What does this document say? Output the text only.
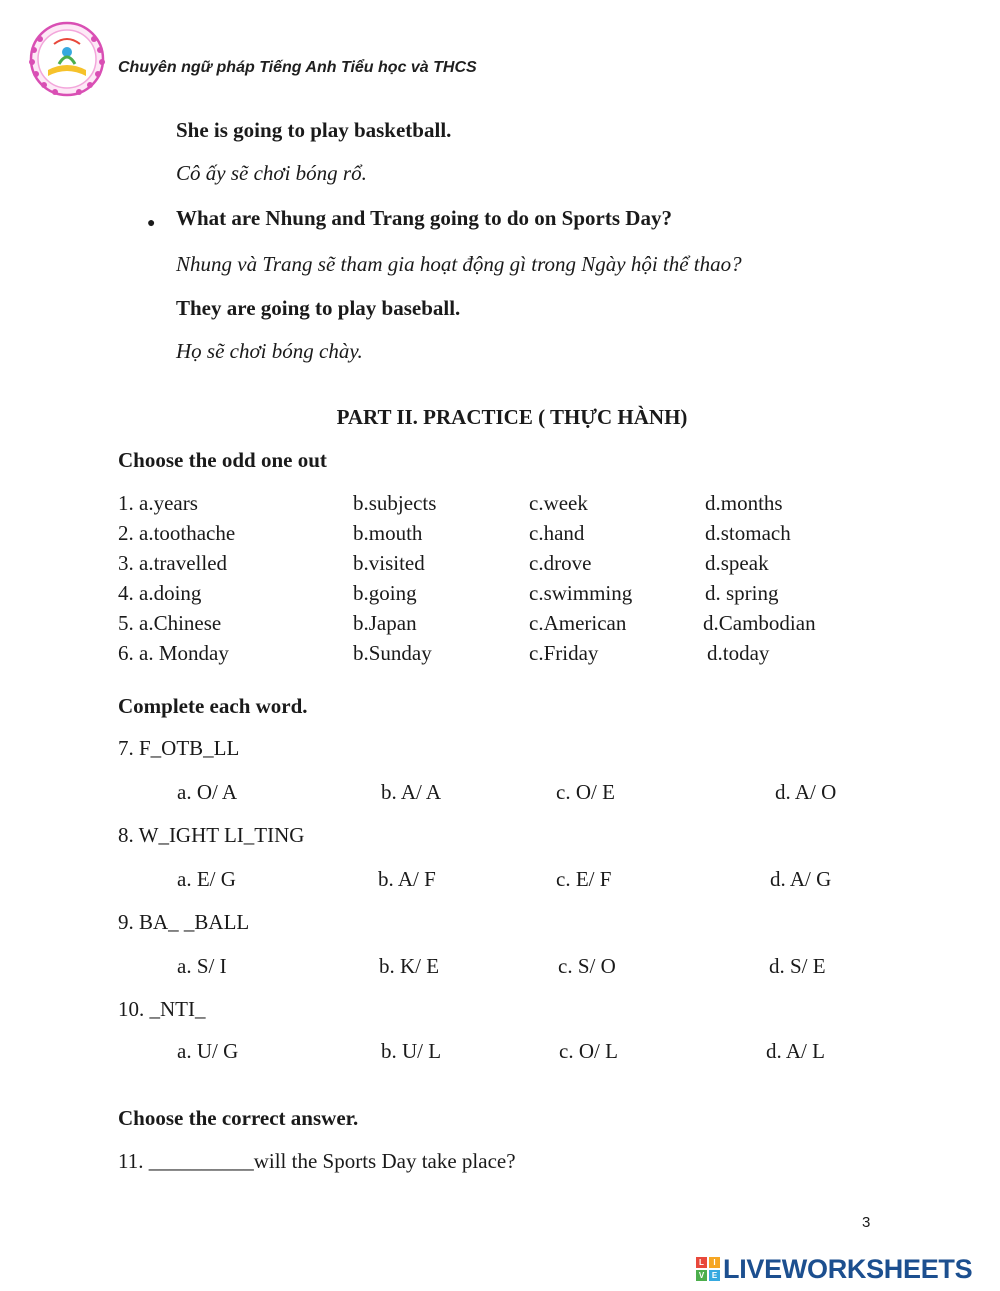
Chuyên ngữ pháp Tiếng Anh Tiểu học và THCS
She is going to play basketball.
Cô ấy sẽ chơi bóng rổ.
● What are Nhung and Trang going to do on Sports Day?
Nhung và Trang sẽ tham gia hoạt động gì trong Ngày hội thể thao?
They are going to play baseball.
Họ sẽ chơi bóng chày.
PART II. PRACTICE ( THỰC HÀNH)
Choose the odd one out
1. a.years	b.subjects	c.week	d.months
2. a.toothache	b.mouth	c.hand	d.stomach
3. a.travelled	b.visited	c.drove	d.speak
4. a.doing	b.going	c.swimming	d. spring
5. a.Chinese	b.Japan	c.American	d.Cambodian
6. a. Monday	b.Sunday	c.Friday	d.today
Complete each word.
7. F_OTB_LL
a. O/ A	b. A/ A	c. O/ E	d. A/ O
8. W_IGHT LI_TING
a. E/ G	b. A/ F	c. E/ F	d. A/ G
9. BA_ _BALL
a. S/ I	b. K/ E	c. S/ O	d. S/ E
10. _NTI_
a. U/ G	b. U/ L	c. O/ L	d. A/ L
Choose the correct answer.
11. __________will the Sports Day take place?
3
L	I
V E LIVEWORKSHEETS
